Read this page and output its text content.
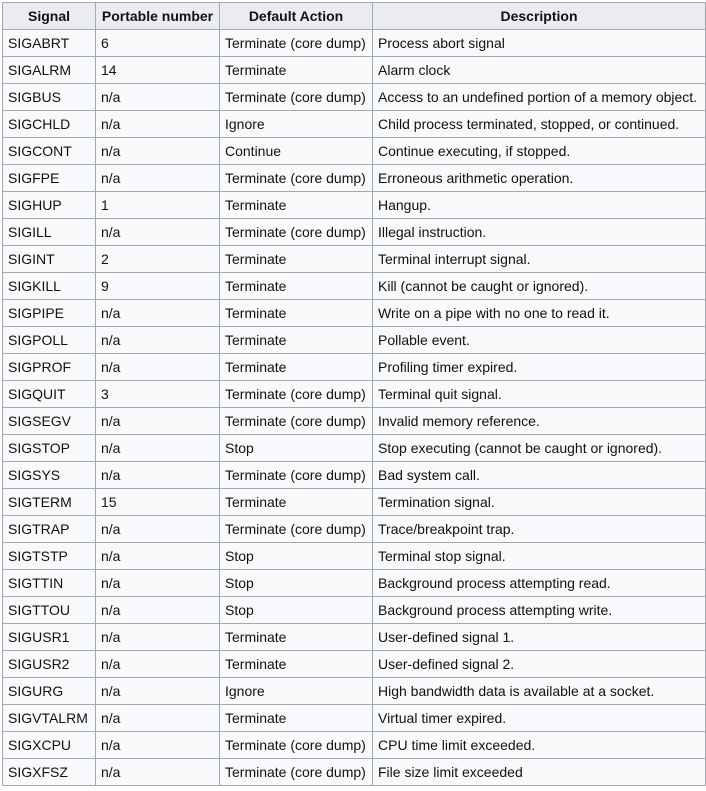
Signal	Portable number	Default Action	Description
SIGABRT	6	Terminate (core dump)	Process abort signal
SIGALRM	14	Terminate	Alarm clock
SIGBUS	n/a	Terminate (core dump)	Access to an undefined portion of a memory object.
SIGCHLD	n/a	Ignore	Child process terminated, stopped, or continued.
SIGCONT	n/a	Continue	Continue executing, if stopped.
SIGFPE	n/a	Terminate (core dump)	Erroneous arithmetic operation.
SIGHUP	1	Terminate	Hangup.
SIGILL	n/a	Terminate (core dump)	Illegal instruction.
SIGINT	2	Terminate	Terminal interrupt signal.
SIGKILL	9	Terminate	Kill (cannot be caught or ignored).
SIGPIPE	n/a	Terminate	Write on a pipe with no one to read it.
SIGPOLL	n/a	Terminate	Pollable event.
SIGPROF	n/a	Terminate	Profiling timer expired.
SIGQUIT	3	Terminate (core dump)	Terminal quit signal.
SIGSEGV	n/a	Terminate (core dump)	Invalid memory reference.
SIGSTOP	n/a	Stop	Stop executing (cannot be caught or ignored).
SIGSYS	n/a	Terminate (core dump)	Bad system call.
SIGTERM	15	Terminate	Termination signal.
SIGTRAP	n/a	Terminate (core dump)	Trace/breakpoint trap.
SIGTSTP	n/a	Stop	Terminal stop signal.
SIGTTIN	n/a	Stop	Background process attempting read.
SIGTTOU	n/a	Stop	Background process attempting write.
SIGUSR1	n/a	Terminate	User-defined signal 1.
SIGUSR2	n/a	Terminate	User-defined signal 2.
SIGURG	n/a	Ignore	High bandwidth data is available at a socket.
SIGVTALRM	n/a	Terminate	Virtual timer expired.
SIGXCPU	n/a	Terminate (core dump)	CPU time limit exceeded.
SIGXFSZ	n/a	Terminate (core dump)	File size limit exceeded
